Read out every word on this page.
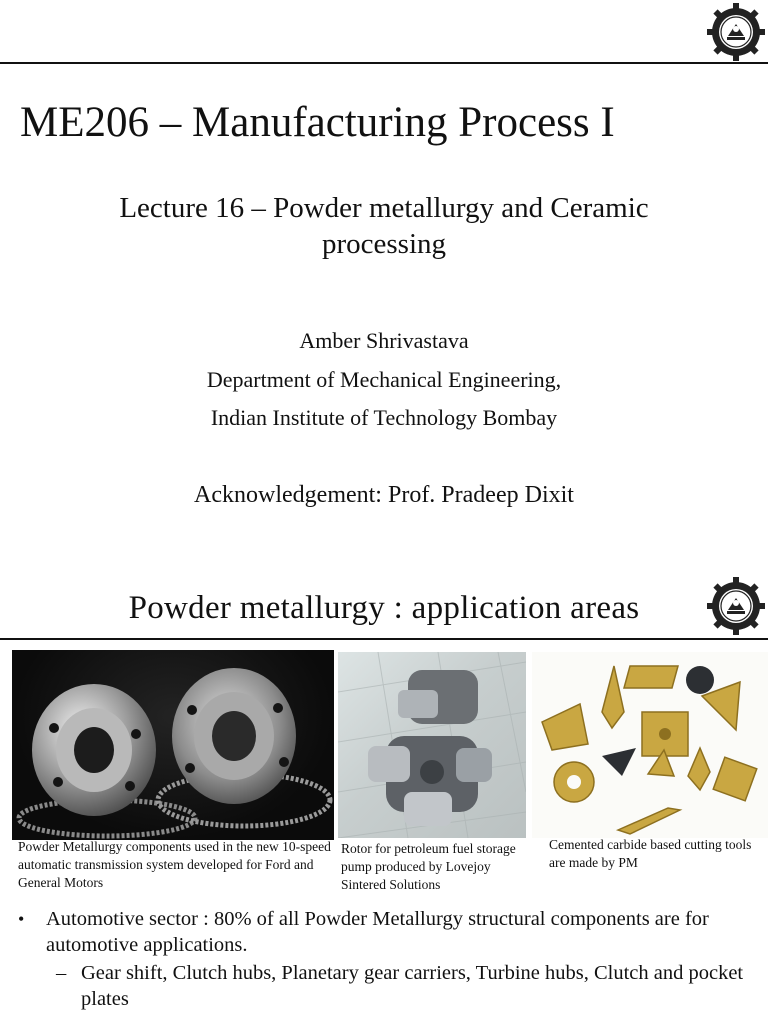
ME206 – Manufacturing Process I
Lecture 16 – Powder metallurgy and Ceramic processing
Amber Shrivastava
Department of Mechanical Engineering,
Indian Institute of Technology Bombay
Acknowledgement: Prof. Pradeep Dixit
Powder metallurgy : application areas
Powder Metallurgy components used in the new 10-speed automatic transmission system developed for Ford and General Motors
Rotor for petroleum fuel storage pump produced by Lovejoy Sintered Solutions
Cemented carbide based cutting tools are made by PM
• Automotive sector : 80% of all Powder Metallurgy structural components are for automotive applications.
– Gear shift, Clutch hubs, Planetary gear carriers, Turbine hubs, Clutch and pocket plates
